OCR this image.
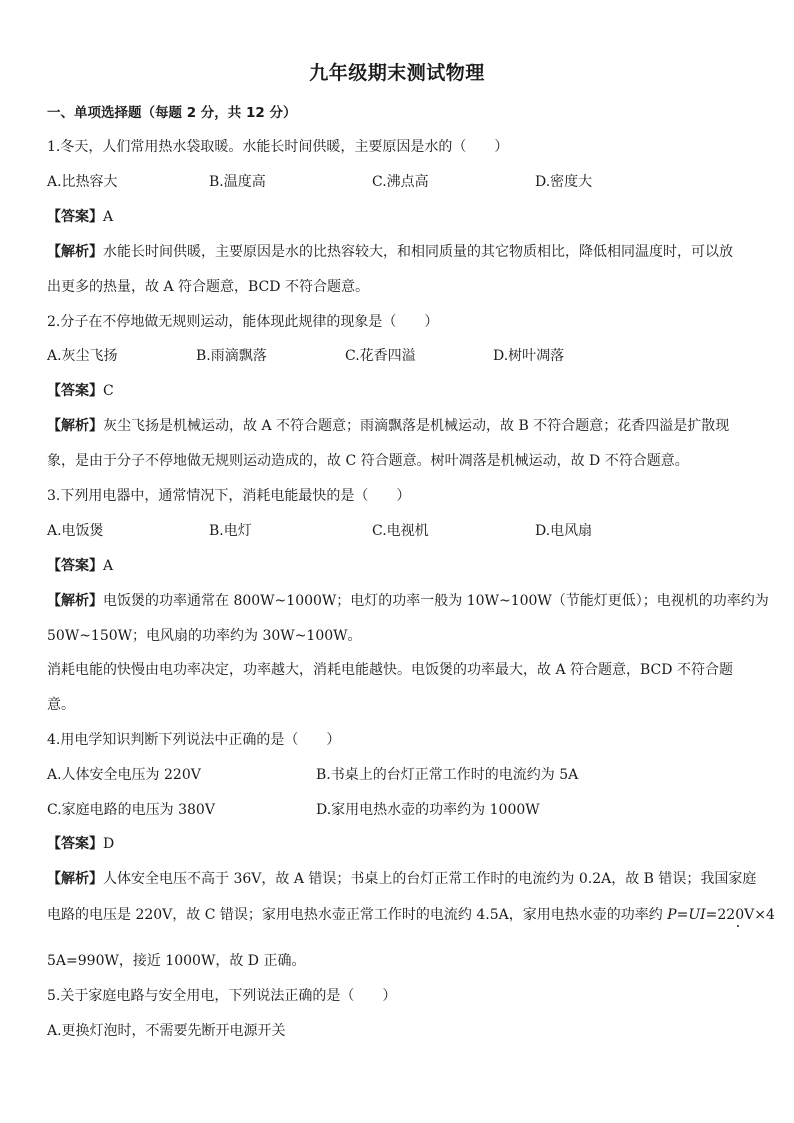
九年级期末测试物理
一、单项选择题（每题 2 分，共 12 分）
1.冬天，人们常用热水袋取暖。水能长时间供暖，主要原因是水的（　　）
A.比热容大	B.温度高	C.沸点高	D.密度大
【答案】A
【解析】水能长时间供暖，主要原因是水的比热容较大，和相同质量的其它物质相比，降低相同温度时，可以放
出更多的热量，故 A 符合题意，BCD 不符合题意。
2.分子在不停地做无规则运动，能体现此规律的现象是（　　）
A.灰尘飞扬	B.雨滴飘落	C.花香四溢	D.树叶凋落
【答案】C
【解析】灰尘飞扬是机械运动，故 A 不符合题意；雨滴飘落是机械运动，故 B 不符合题意；花香四溢是扩散现
象，是由于分子不停地做无规则运动造成的，故 C 符合题意。树叶凋落是机械运动，故 D 不符合题意。
3.下列用电器中，通常情况下，消耗电能最快的是（　　）
A.电饭煲	B.电灯	C.电视机	D.电风扇
【答案】A
【解析】电饭煲的功率通常在 800W~1000W；电灯的功率一般为 10W~100W（节能灯更低）；电视机的功率约为
50W~150W；电风扇的功率约为 30W~100W。
消耗电能的快慢由电功率决定，功率越大，消耗电能越快。电饭煲的功率最大，故 A 符合题意，BCD 不符合题
意。
4.用电学知识判断下列说法中正确的是（　　）
A.人体安全电压为 220V	B.书桌上的台灯正常工作时的电流约为 5A
C.家庭电路的电压为 380V	D.家用电热水壶的功率约为 1000W
【答案】D
【解析】人体安全电压不高于 36V，故 A 错误；书桌上的台灯正常工作时的电流约为 0.2A，故 B 错误；我国家庭
电路的电压是 220V，故 C 错误；家用电热水壶正常工作时的电流约 4.5A，家用电热水壶的功率约 P=UI=220V×4
5A=990W，接近 1000W，故 D 正确。
5.关于家庭电路与安全用电，下列说法正确的是（　　）
A.更换灯泡时，不需要先断开电源开关
